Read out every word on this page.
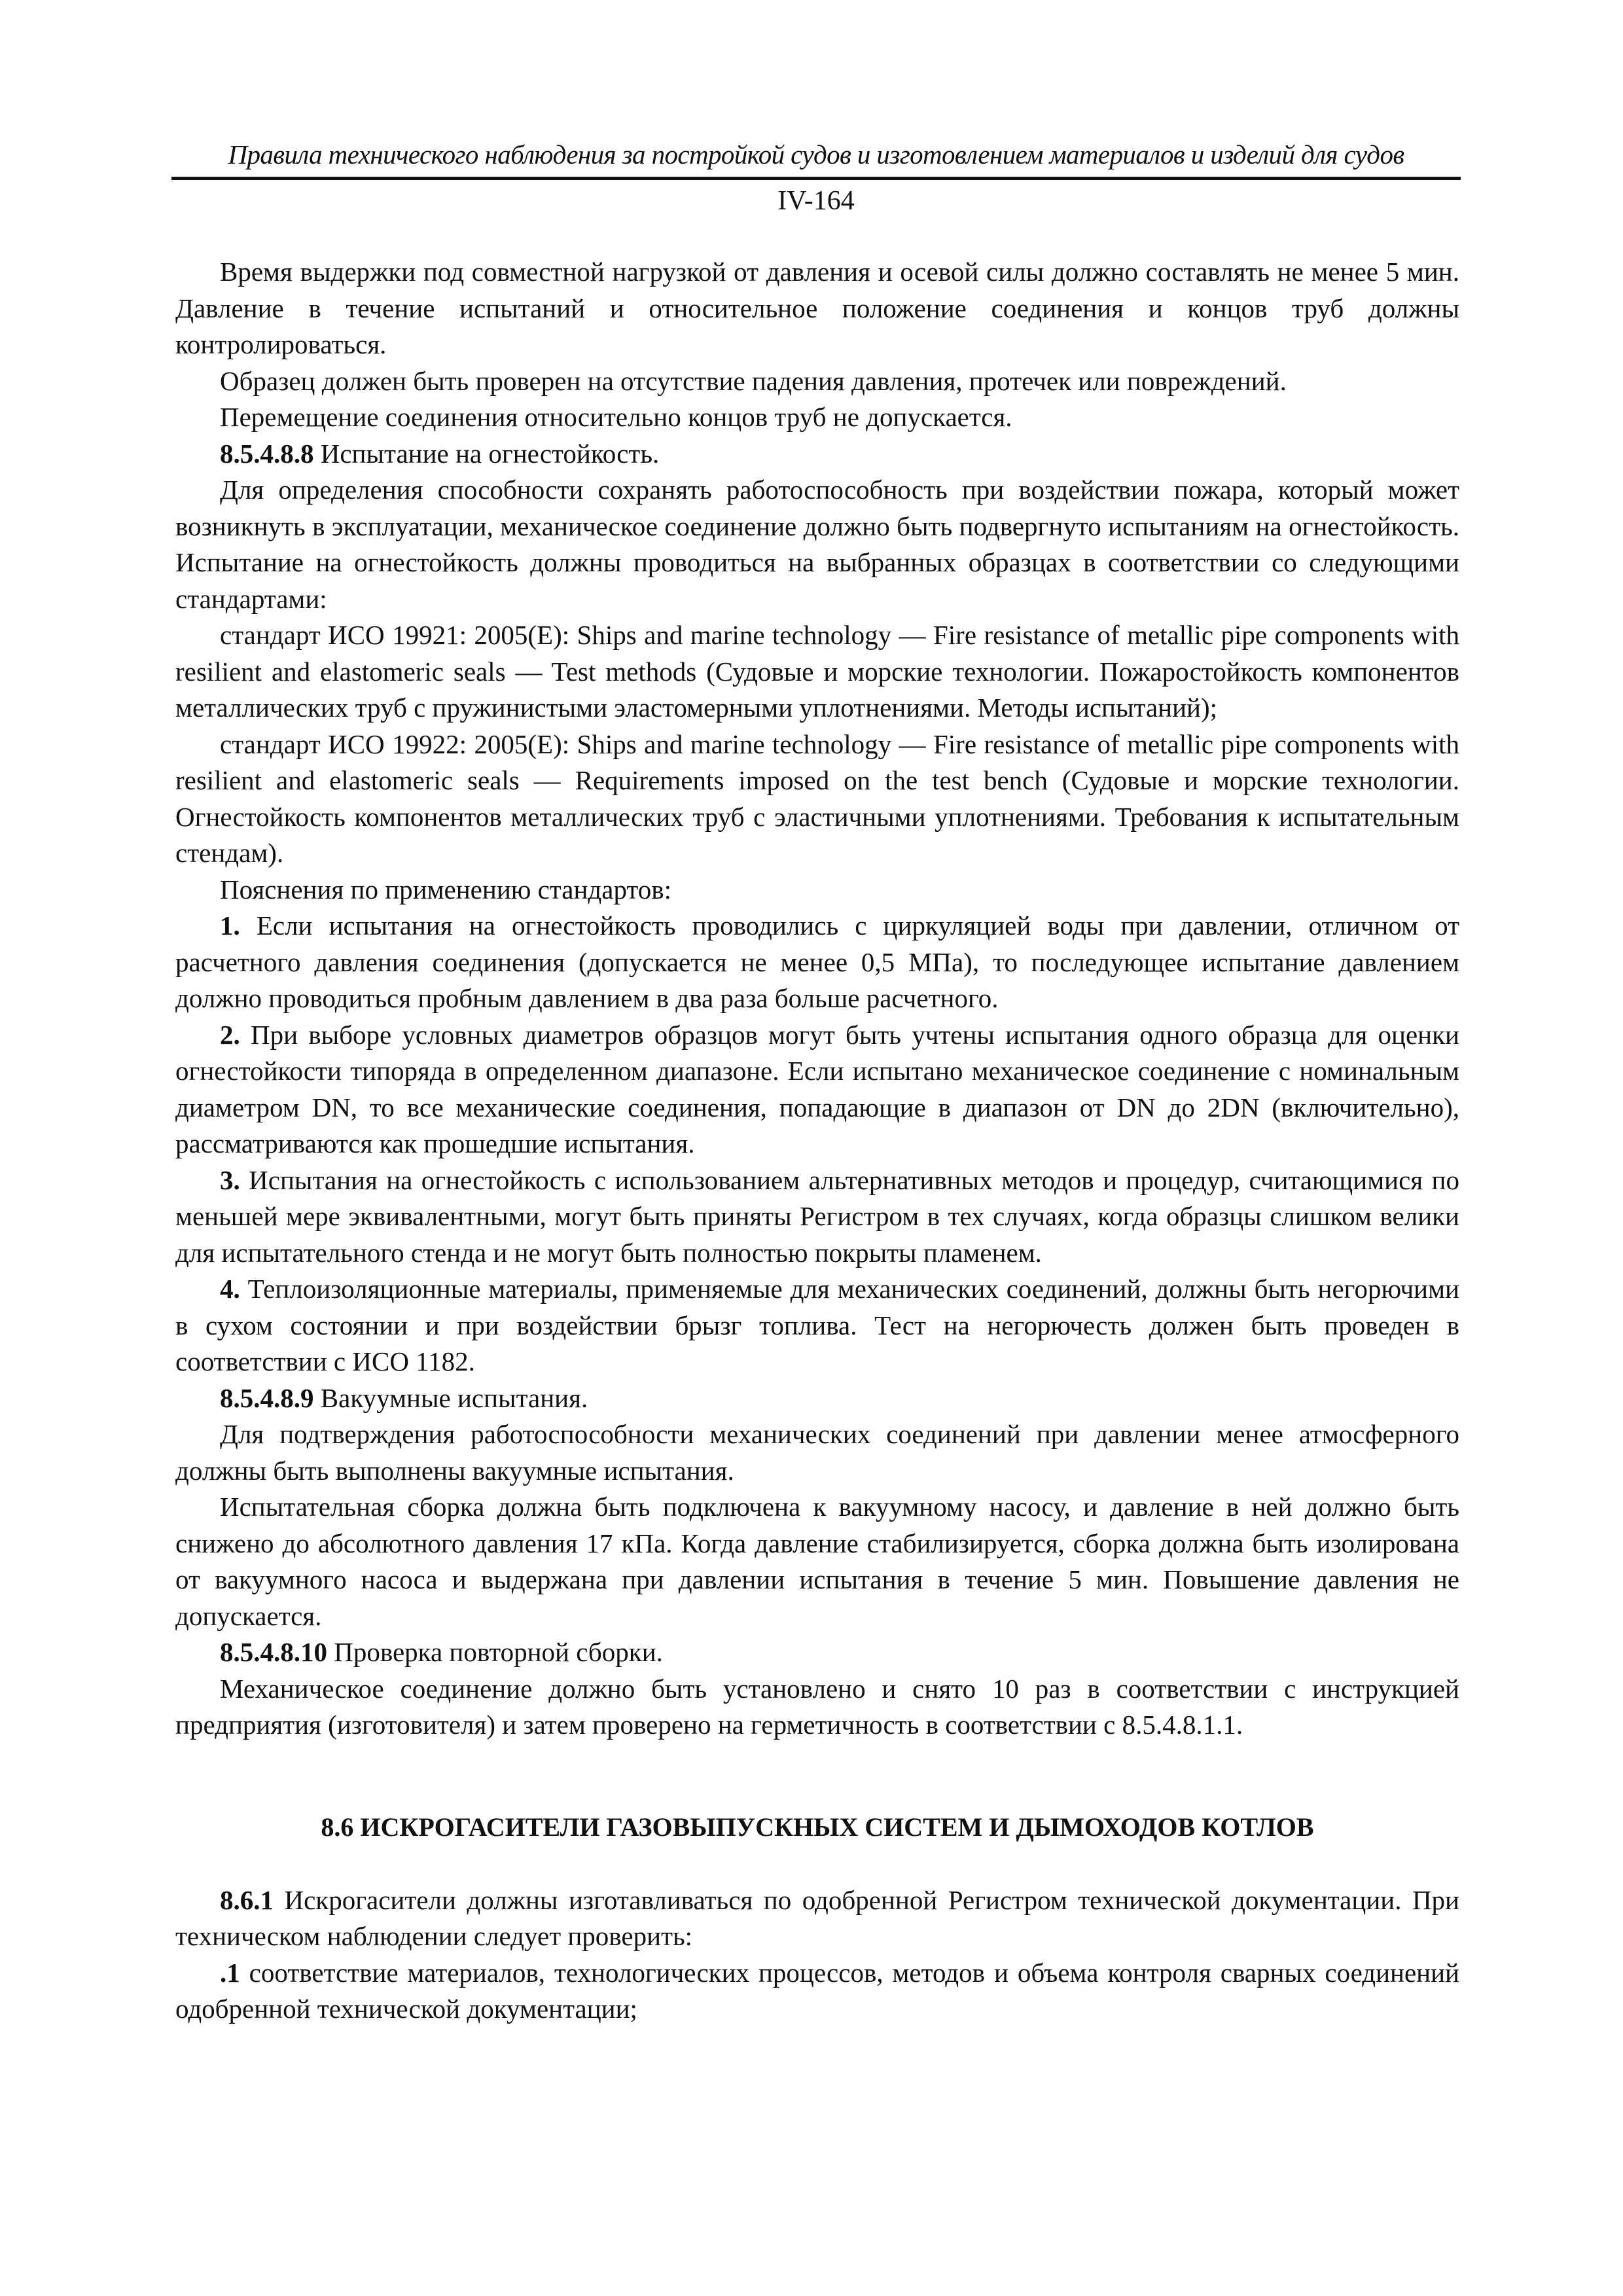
Правила технического наблюдения за постройкой судов и изготовлением материалов и изделий для судов
IV-164

Время выдержки под совместной нагрузкой от давления и осевой силы должно составлять не менее 5 мин. Давление в течение испытаний и относительное положение соединения и концов труб должны контролироваться.

Образец должен быть проверен на отсутствие падения давления, протечек или повреждений.

Перемещение соединения относительно концов труб не допускается.

8.5.4.8.8 Испытание на огнестойкость.

Для определения способности сохранять работоспособность при воздействии пожара, который может возникнуть в эксплуатации, механическое соединение должно быть подвергнуто испытаниям на огнестойкость. Испытание на огнестойкость должны проводиться на выбранных образцах в соответствии со следующими стандартами:

стандарт ИСО 19921: 2005(E): Ships and marine technology — Fire resistance of metallic pipe components with resilient and elastomeric seals — Test methods (Судовые и морские технологии. Пожаростойкость компонентов металлических труб с пружинистыми эластомерными уплотнениями. Методы испытаний);

стандарт ИСО 19922: 2005(E): Ships and marine technology — Fire resistance of metallic pipe components with resilient and elastomeric seals — Requirements imposed on the test bench (Судовые и морские технологии. Огнестойкость компонентов металлических труб с эластичными уплотнениями. Требования к испытательным стендам).

Пояснения по применению стандартов:

1. Если испытания на огнестойкость проводились с циркуляцией воды при давлении, отличном от расчетного давления соединения (допускается не менее 0,5 МПа), то последующее испытание давлением должно проводиться пробным давлением в два раза больше расчетного.

2. При выборе условных диаметров образцов могут быть учтены испытания одного образца для оценки огнестойкости типоряда в определенном диапазоне. Если испытано механическое соединение с номинальным диаметром DN, то все механические соединения, попадающие в диапазон от DN до 2DN (включительно), рассматриваются как прошедшие испытания.

3. Испытания на огнестойкость с использованием альтернативных методов и процедур, считающимися по меньшей мере эквивалентными, могут быть приняты Регистром в тех случаях, когда образцы слишком велики для испытательного стенда и не могут быть полностью покрыты пламенем.

4. Теплоизоляционные материалы, применяемые для механических соединений, должны быть негорючими в сухом состоянии и при воздействии брызг топлива. Тест на негорючесть должен быть проведен в соответствии с ИСО 1182.

8.5.4.8.9 Вакуумные испытания.

Для подтверждения работоспособности механических соединений при давлении менее атмосферного должны быть выполнены вакуумные испытания.

Испытательная сборка должна быть подключена к вакуумному насосу, и давление в ней должно быть снижено до абсолютного давления 17 кПа. Когда давление стабилизируется, сборка должна быть изолирована от вакуумного насоса и выдержана при давлении испытания в течение 5 мин. Повышение давления не допускается.

8.5.4.8.10 Проверка повторной сборки.

Механическое соединение должно быть установлено и снято 10 раз в соответствии с инструкцией предприятия (изготовителя) и затем проверено на герметичность в соответствии с 8.5.4.8.1.1.

8.6 ИСКРОГАСИТЕЛИ ГАЗОВЫПУСКНЫХ СИСТЕМ И ДЫМОХОДОВ КОТЛОВ

8.6.1 Искрогасители должны изготавливаться по одобренной Регистром технической документации. При техническом наблюдении следует проверить:

.1 соответствие материалов, технологических процессов, методов и объема контроля сварных соединений одобренной технической документации;
